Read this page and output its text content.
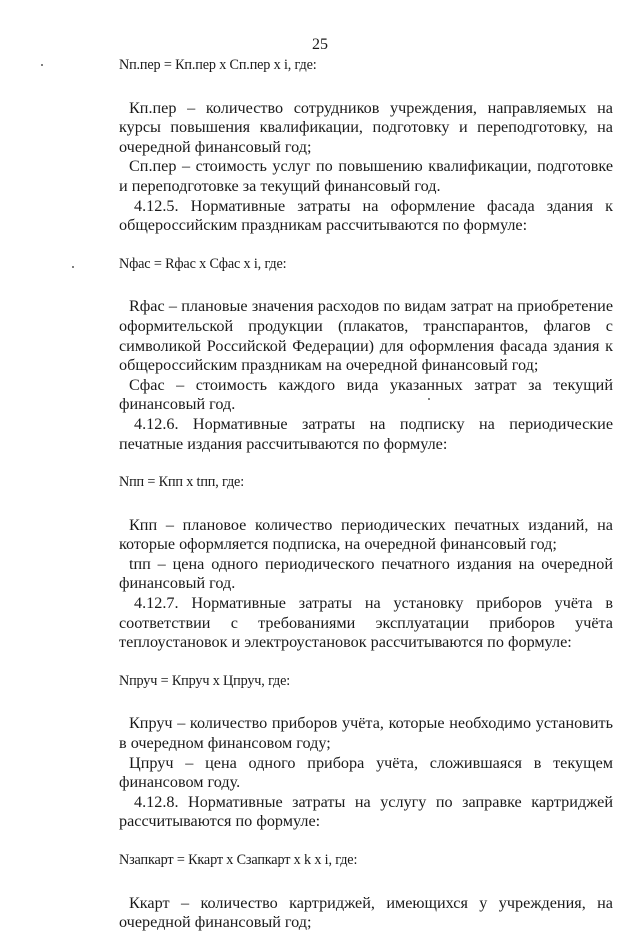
25

Nп.пер = Кп.пер х Сп.пер х i, где:

Кп.пер – количество сотрудников учреждения, направляемых на курсы повышения квалификации, подготовку и переподготовку, на очередной финансовый год;

Сп.пер – стоимость услуг по повышению квалификации, подготовке и переподготовке за текущий финансовый год.

4.12.5. Нормативные затраты на оформление фасада здания к общероссийским праздникам рассчитываются по формуле:

Nфас = Rфас х Сфас х i, где:

Rфас – плановые значения расходов по видам затрат на приобретение оформительской продукции (плакатов, транспарантов, флагов с символикой Российской Федерации) для оформления фасада здания к общероссийским праздникам на очередной финансовый год;

Сфас – стоимость каждого вида указанных затрат за текущий финансовый год.

4.12.6. Нормативные затраты на подписку на периодические печатные издания рассчитываются по формуле:

Nпп = Кпп х tпп, где:

Кпп – плановое количество периодических печатных изданий, на которые оформляется подписка, на очередной финансовый год;

tпп – цена одного периодического печатного издания на очередной финансовый год.

4.12.7. Нормативные затраты на установку приборов учёта в соответствии с требованиями эксплуатации приборов учёта теплоустановок и электроустановок рассчитываются по формуле:

Nпруч = Кпруч х Цпруч, где:

Кпруч – количество приборов учёта, которые необходимо установить в очередном финансовом году;

Цпруч – цена одного прибора учёта, сложившаяся в текущем финансовом году.

4.12.8. Нормативные затраты на услугу по заправке картриджей рассчитываются по формуле:

Nзапкарт = Ккарт х Сзапкарт х k х i, где:

Ккарт – количество картриджей, имеющихся у учреждения, на очередной финансовый год;
